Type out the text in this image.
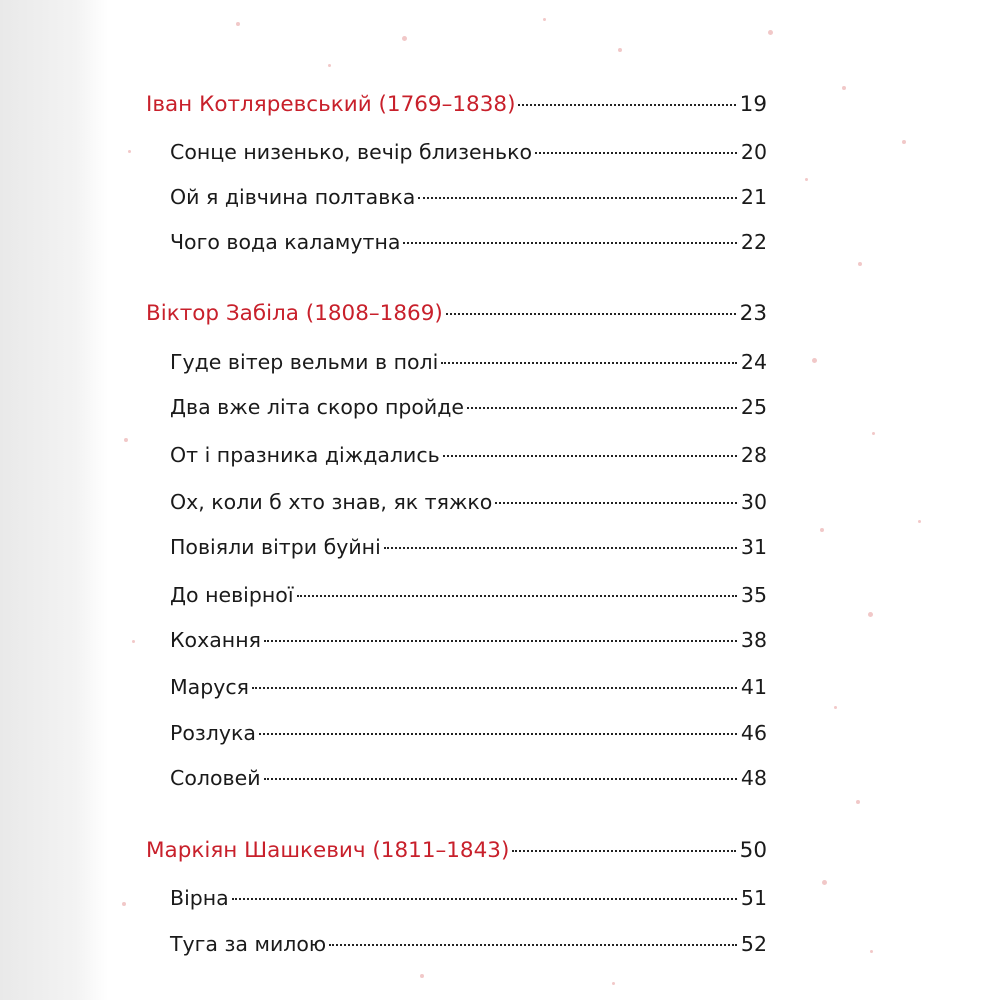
Іван Котляревський (1769–1838)	19
Сонце низенько, вечір близенько	20
Ой я дівчина полтавка	21
Чого вода каламутна	22
Віктор Забіла (1808–1869)	23
Гуде вітер вельми в полі	24
Два вже літа скоро пройде	25
От і празника діждались	28
Ох, коли б хто знав, як тяжко	30
Повіяли вітри буйні	31
До невірної	35
Кохання	38
Маруся	41
Розлука	46
Соловей	48
Маркіян Шашкевич (1811–1843)	50
Вірна	51
Туга за милою	52
